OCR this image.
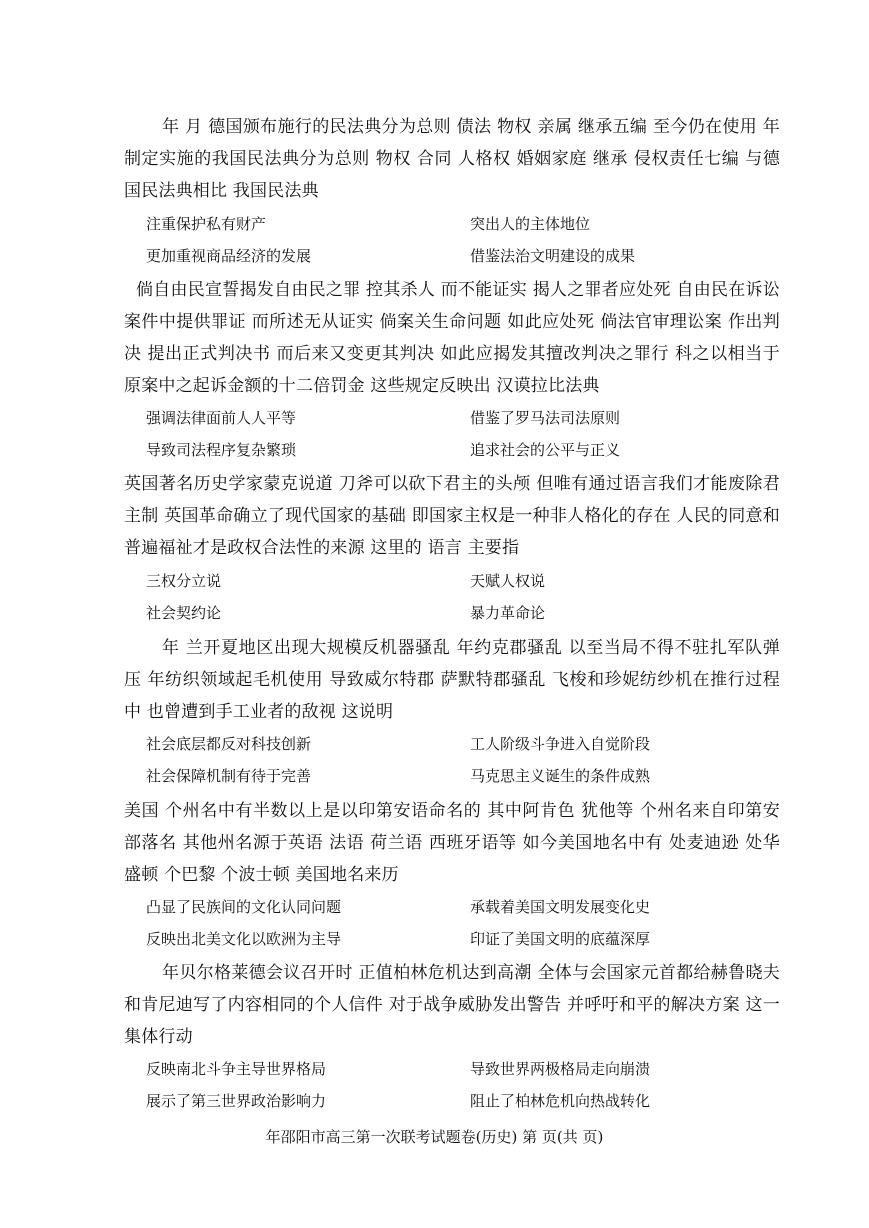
年 月 德国颁布施行的民法典分为总则 债法 物权 亲属 继承五编 至今仍在使用 年制定实施的我国民法典分为总则 物权 合同 人格权 婚姻家庭 继承 侵权责任七编 与德国民法典相比 我国民法典

注重保护私有财产	突出人的主体地位

更加重视商品经济的发展	借鉴法治文明建设的成果

倘自由民宣誓揭发自由民之罪 控其杀人 而不能证实 揭人之罪者应处死 自由民在诉讼案件中提供罪证 而所述无从证实 倘案关生命问题 如此应处死 倘法官审理讼案 作出判决 提出正式判决书 而后来又变更其判决 如此应揭发其擅改判决之罪行 科之以相当于原案中之起诉金额的十二倍罚金 这些规定反映出 汉谟拉比法典

强调法律面前人人平等	借鉴了罗马法司法原则

导致司法程序复杂繁琐	追求社会的公平与正义

英国著名历史学家蒙克说道 刀斧可以砍下君主的头颅 但唯有通过语言我们才能废除君主制 英国革命确立了现代国家的基础 即国家主权是一种非人格化的存在 人民的同意和普遍福祉才是政权合法性的来源 这里的 语言 主要指

三权分立说	天赋人权说

社会契约论	暴力革命论

年 兰开夏地区出现大规模反机器骚乱 年约克郡骚乱 以至当局不得不驻扎军队弹压 年纺织领域起毛机使用 导致威尔特郡 萨默特郡骚乱 飞梭和珍妮纺纱机在推行过程中 也曾遭到手工业者的敌视 这说明

社会底层都反对科技创新	工人阶级斗争进入自觉阶段

社会保障机制有待于完善	马克思主义诞生的条件成熟

美国 个州名中有半数以上是以印第安语命名的 其中阿肯色 犹他等 个州名来自印第安部落名 其他州名源于英语 法语 荷兰语 西班牙语等 如今美国地名中有 处麦迪逊 处华盛顿 个巴黎 个波士顿 美国地名来历

凸显了民族间的文化认同问题	承载着美国文明发展变化史

反映出北美文化以欧洲为主导	印证了美国文明的底蕴深厚

年贝尔格莱德会议召开时 正值柏林危机达到高潮 全体与会国家元首都给赫鲁晓夫和肯尼迪写了内容相同的个人信件 对于战争威胁发出警告 并呼吁和平的解决方案 这一集体行动

反映南北斗争主导世界格局	导致世界两极格局走向崩溃

展示了第三世界政治影响力	阻止了柏林危机向热战转化

年邵阳市高三第一次联考试题卷(历史) 第 页(共 页)
